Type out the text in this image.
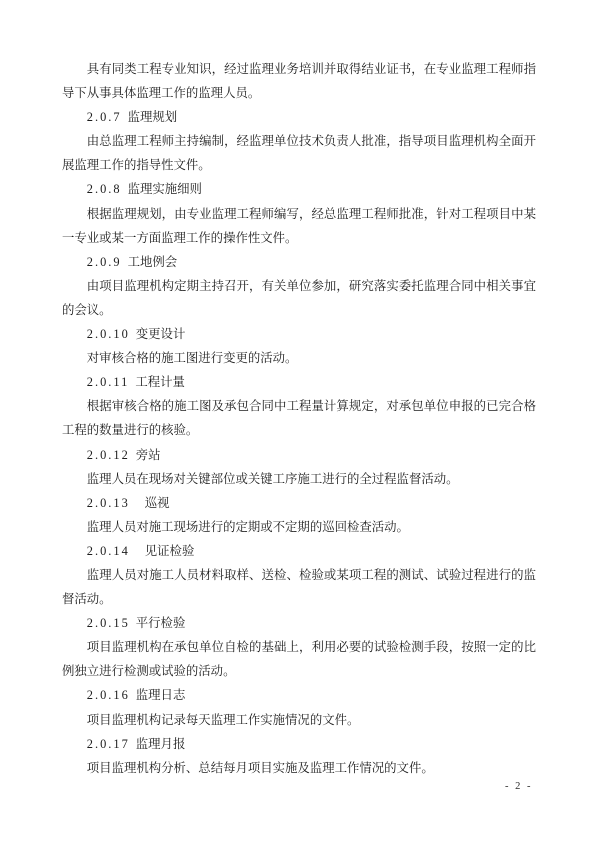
具有同类工程专业知识，经过监理业务培训并取得结业证书，在专业监理工程师指导下从事具体监理工作的监理人员。

2.0.7 监理规划

由总监理工程师主持编制，经监理单位技术负责人批准，指导项目监理机构全面开展监理工作的指导性文件。

2.0.8 监理实施细则

根据监理规划，由专业监理工程师编写，经总监理工程师批准，针对工程项目中某一专业或某一方面监理工作的操作性文件。

2.0.9 工地例会

由项目监理机构定期主持召开，有关单位参加，研究落实委托监理合同中相关事宜的会议。

2.0.10 变更设计

对审核合格的施工图进行变更的活动。

2.0.11 工程计量

根据审核合格的施工图及承包合同中工程量计算规定，对承包单位申报的已完合格工程的数量进行的核验。

2.0.12 旁站

监理人员在现场对关键部位或关键工序施工进行的全过程监督活动。

2.0.13 巡视

监理人员对施工现场进行的定期或不定期的巡回检查活动。

2.0.14 见证检验

监理人员对施工人员材料取样、送检、检验或某项工程的测试、试验过程进行的监督活动。

2.0.15 平行检验

项目监理机构在承包单位自检的基础上，利用必要的试验检测手段，按照一定的比例独立进行检测或试验的活动。

2.0.16 监理日志

项目监理机构记录每天监理工作实施情况的文件。

2.0.17 监理月报

项目监理机构分析、总结每月项目实施及监理工作情况的文件。

- 2 -
